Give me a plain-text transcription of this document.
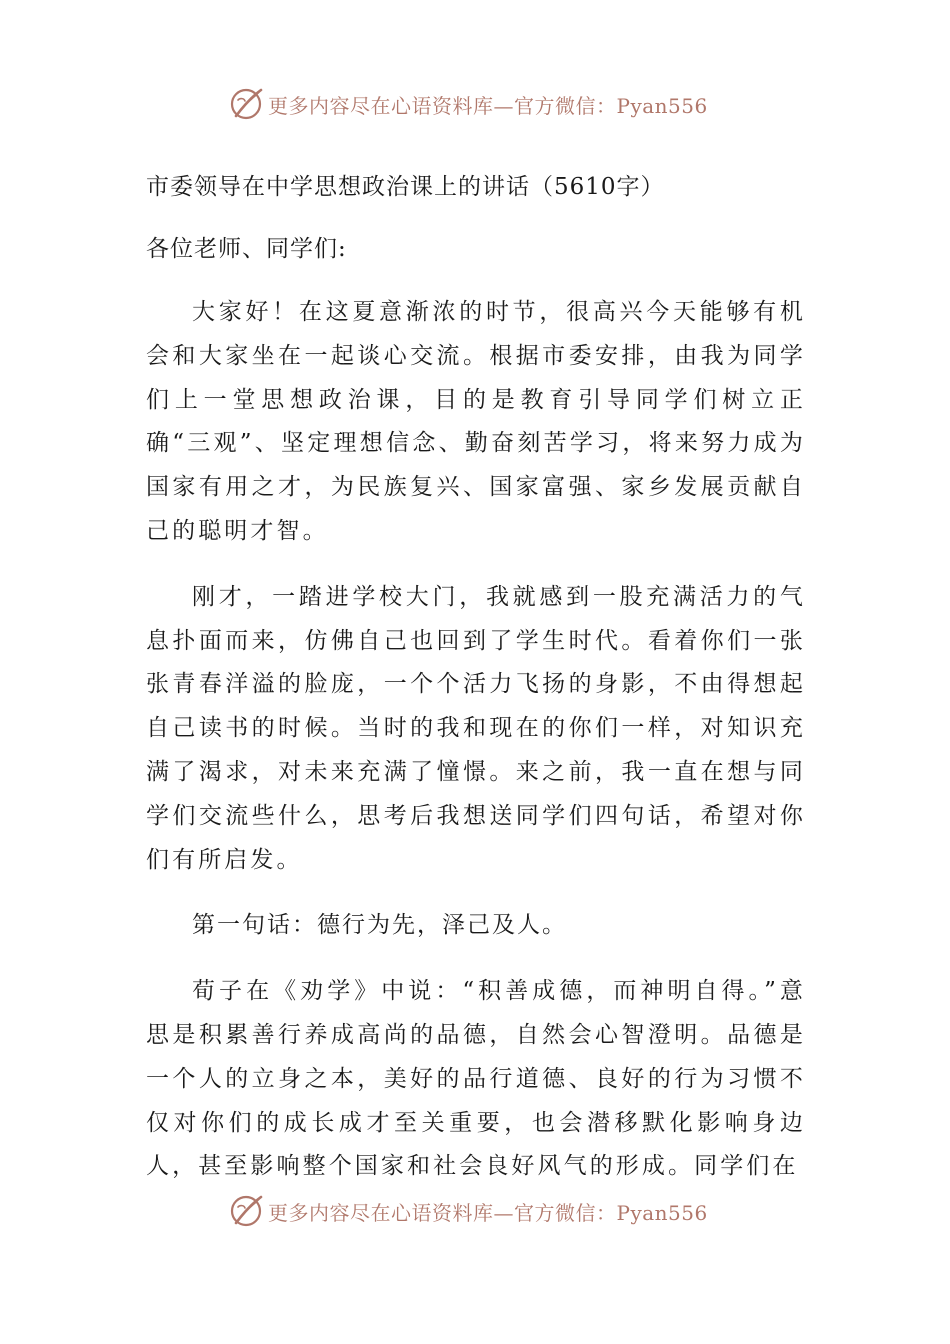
更多内容尽在心语资料库—官方微信：Pyan556

市委领导在中学思想政治课上的讲话（5610字）

各位老师、同学们:

大家好！在这夏意渐浓的时节，很高兴今天能够有机会和大家坐在一起谈心交流。根据市委安排，由我为同学们上一堂思想政治课，目的是教育引导同学们树立正确“三观”、坚定理想信念、勤奋刻苦学习，将来努力成为国家有用之才，为民族复兴、国家富强、家乡发展贡献自己的聪明才智。

刚才，一踏进学校大门，我就感到一股充满活力的气息扑面而来，仿佛自己也回到了学生时代。看着你们一张张青春洋溢的脸庞，一个个活力飞扬的身影，不由得想起自己读书的时候。当时的我和现在的你们一样，对知识充满了渴求，对未来充满了憧憬。来之前，我一直在想与同学们交流些什么，思考后我想送同学们四句话，希望对你们有所启发。

第一句话：德行为先，泽己及人。

荀子在《劝学》中说：“积善成德，而神明自得。”意思是积累善行养成高尚的品德，自然会心智澄明。品德是一个人的立身之本，美好的品行道德、良好的行为习惯不仅对你们的成长成才至关重要，也会潜移默化影响身边人，甚至影响整个国家和社会良好风气的形成。同学们在

更多内容尽在心语资料库—官方微信：Pyan556
